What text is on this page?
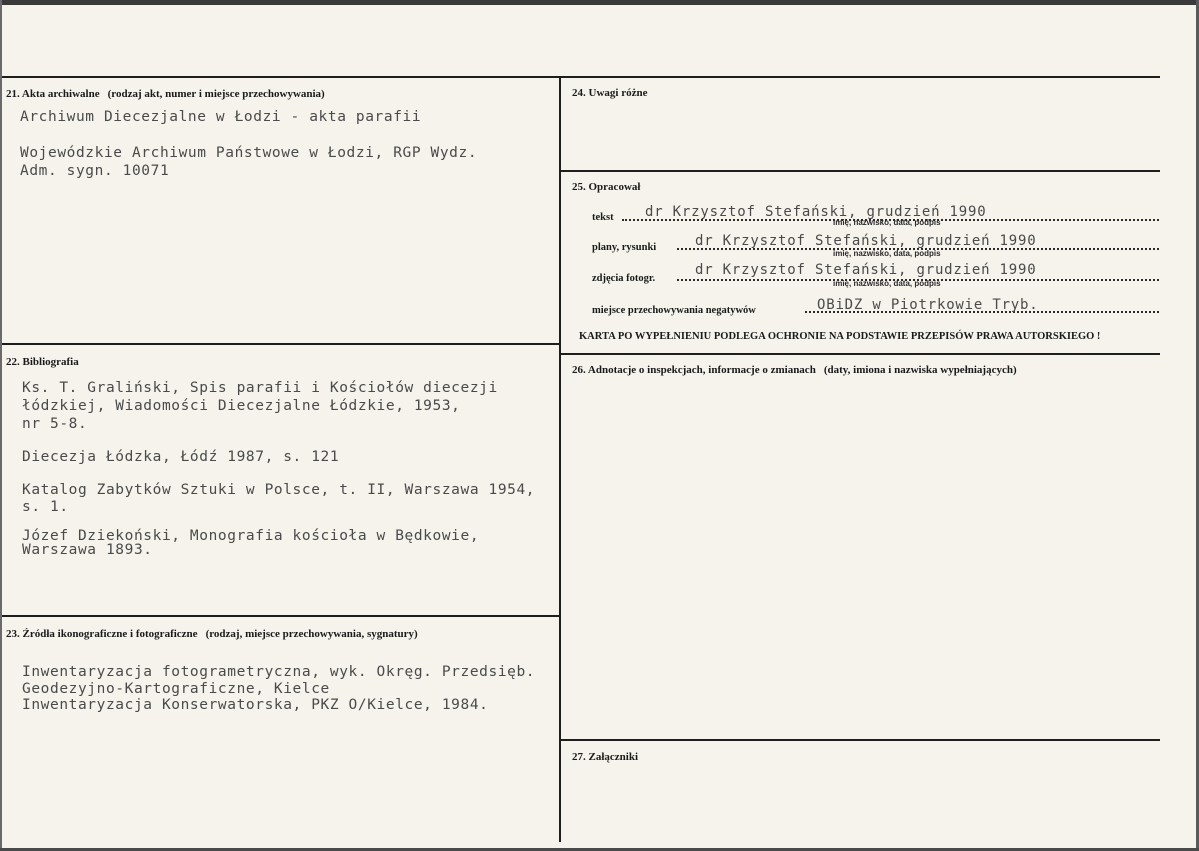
21. Akta archiwalne (rodzaj akt, numer i miejsce przechowywania)
Archiwum Diecezjalne w Łodzi - akta parafii
Wojewódzkie Archiwum Państwowe w Łodzi, RGP Wydz.
Adm. sygn. 10071
22. Bibliografia
Ks. T. Graliński, Spis parafii i Kościołów diecezji
łódzkiej, Wiadomości Diecezjalne Łódzkie, 1953,
nr 5-8.
Diecezja Łódzka, Łódź 1987, s. 121
Katalog Zabytków Sztuki w Polsce, t. II, Warszawa 1954,
s. 1.
Józef Dziekoński, Monografia kościoła w Będkowie,
Warszawa 1893.
23. Źródła ikonograficzne i fotograficzne (rodzaj, miejsce przechowywania, sygnatury)
Inwentaryzacja fotogrametryczna, wyk. Okręg. Przedsięb.
Geodezyjno-Kartograficzne, Kielce
Inwentaryzacja Konserwatorska, PKZ O/Kielce, 1984.
24. Uwagi różne
25. Opracował
tekst dr Krzysztof Stefański, grudzień 1990
imię, nazwisko, data, podpis
plany, rysunki	dr Krzysztof Stefański, grudzień 1990
imię, nazwisko, data, podpis
zdjęcia fotogr.
dr Krzysztof Stefański, grudzień 1990
imię, nazwisko, data, podpis
miejsce przechowywania negatywów	OBiDZ w Piotrkowie Tryb.
KARTA PO WYPEŁNIENIU PODLEGA OCHRONIE NA PODSTAWIE PRZEPISÓW PRAWA AUTORSKIEGO !
26. Adnotacje o inspekcjach, informacje o zmianach (daty, imiona i nazwiska wypełniających)
27. Załączniki
